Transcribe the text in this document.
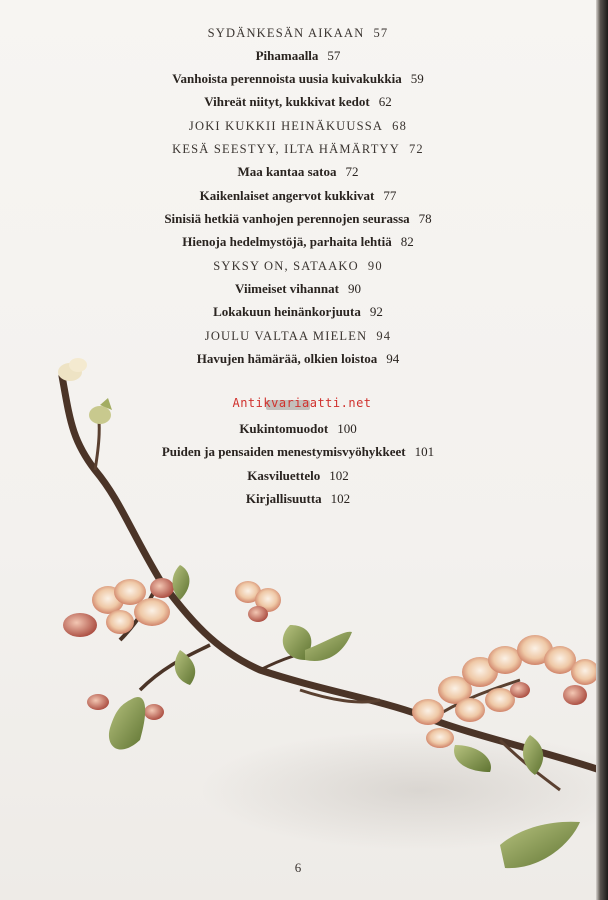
SYDÄNKESÄN AIKAAN 57
Pihamaalla 57
Vanhoista perennoista uusia kuivakukkia 59
Vihreät niityt, kukkivat kedot 62
JOKI KUKKII HEINÄKUUSSA 68
KESÄ SEESTYY, ILTA HÄMÄRTYY 72
Maa kantaa satoa 72
Kaikenlaiset angervot kukkivat 77
Sinisiä hetkiä vanhojen perennojen seurassa 78
Hienoja hedelmystöjä, parhaita lehtiä 82
SYKSY ON, SATAAKO 90
Viimeiset vihannat 90
Lokakuun heinänkorjuuta 92
JOULU VALTAA MIELEN 94
Havujen hämärää, olkien loistoa 94
Kukintomuodot 100
Puiden ja pensaiden menestymisvyöhykkeet 101
Kasviluettelo 102
Kirjallisuutta 102
Antikvariaatti.net
6
